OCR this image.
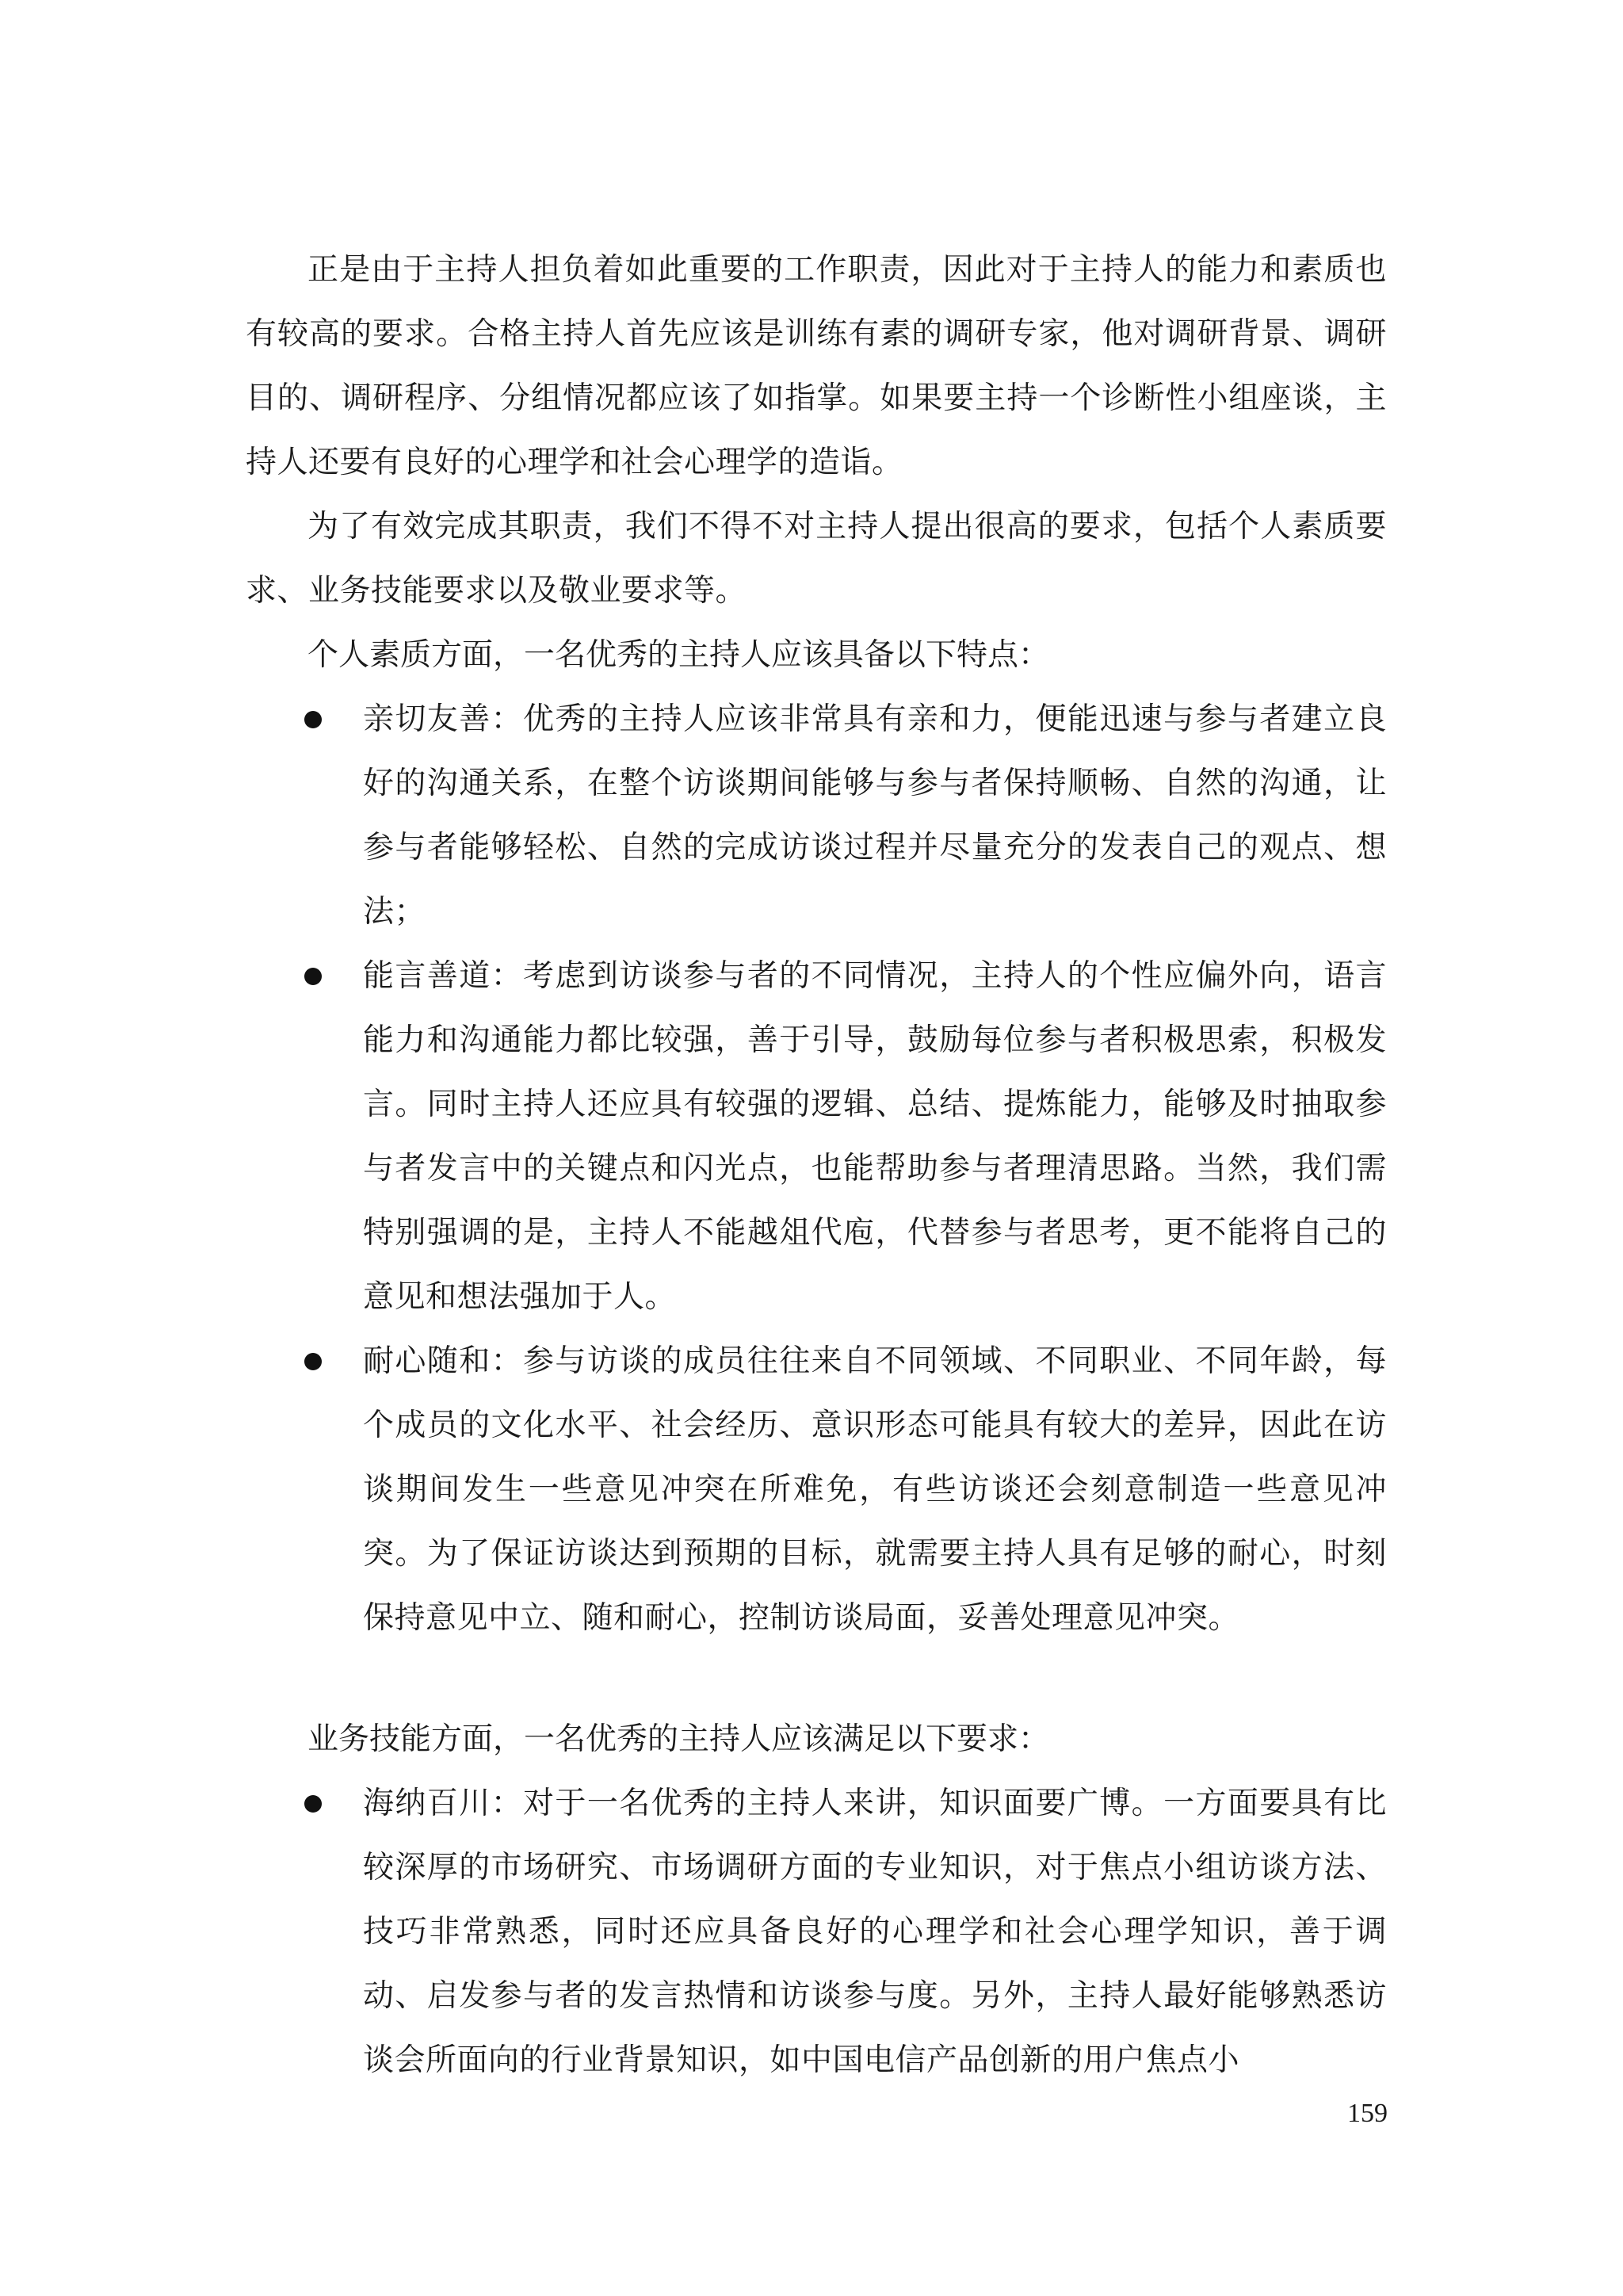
正是由于主持人担负着如此重要的工作职责，因此对于主持人的能力和素质也有较高的要求。合格主持人首先应该是训练有素的调研专家，他对调研背景、调研目的、调研程序、分组情况都应该了如指掌。如果要主持一个诊断性小组座谈，主持人还要有良好的心理学和社会心理学的造诣。

为了有效完成其职责，我们不得不对主持人提出很高的要求，包括个人素质要求、业务技能要求以及敬业要求等。

个人素质方面，一名优秀的主持人应该具备以下特点：

亲切友善：优秀的主持人应该非常具有亲和力，便能迅速与参与者建立良好的沟通关系，在整个访谈期间能够与参与者保持顺畅、自然的沟通，让参与者能够轻松、自然的完成访谈过程并尽量充分的发表自己的观点、想法；
能言善道：考虑到访谈参与者的不同情况，主持人的个性应偏外向，语言能力和沟通能力都比较强，善于引导，鼓励每位参与者积极思索，积极发言。同时主持人还应具有较强的逻辑、总结、提炼能力，能够及时抽取参与者发言中的关键点和闪光点，也能帮助参与者理清思路。当然，我们需特别强调的是，主持人不能越俎代庖，代替参与者思考，更不能将自己的意见和想法强加于人。
耐心随和：参与访谈的成员往往来自不同领域、不同职业、不同年龄，每个成员的文化水平、社会经历、意识形态可能具有较大的差异，因此在访谈期间发生一些意见冲突在所难免，有些访谈还会刻意制造一些意见冲突。为了保证访谈达到预期的目标，就需要主持人具有足够的耐心，时刻保持意见中立、随和耐心，控制访谈局面，妥善处理意见冲突。

业务技能方面，一名优秀的主持人应该满足以下要求：

海纳百川：对于一名优秀的主持人来讲，知识面要广博。一方面要具有比较深厚的市场研究、市场调研方面的专业知识，对于焦点小组访谈方法、技巧非常熟悉，同时还应具备良好的心理学和社会心理学知识，善于调动、启发参与者的发言热情和访谈参与度。另外，主持人最好能够熟悉访谈会所面向的行业背景知识，如中国电信产品创新的用户焦点小
159
